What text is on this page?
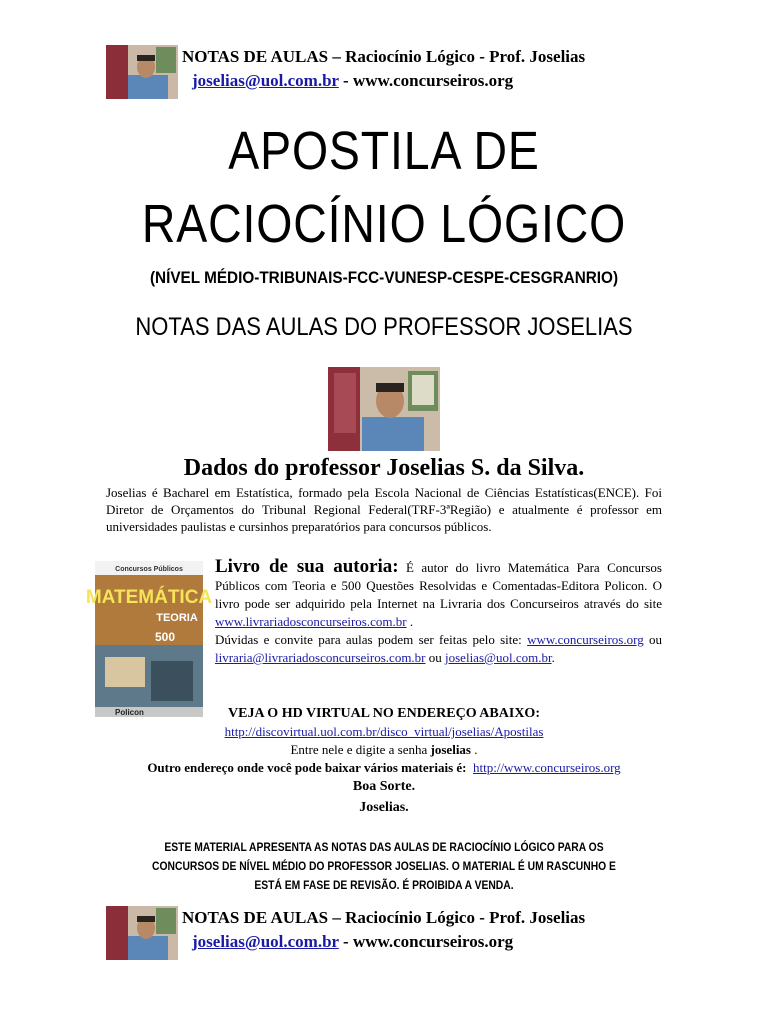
NOTAS DE AULAS – Raciocínio Lógico - Prof. Joselias
joselias@uol.com.br - www.concurseiros.org
APOSTILA DE
RACIOCÍNIO LÓGICO
(NÍVEL MÉDIO-TRIBUNAIS-FCC-VUNESP-CESPE-CESGRANRIO)
NOTAS DAS AULAS DO PROFESSOR JOSELIAS
Dados do professor Joselias S. da Silva.
Joselias é Bacharel em Estatística, formado pela Escola Nacional de Ciências Estatísticas(ENCE). Foi Diretor de Orçamentos do Tribunal Regional Federal(TRF-3ªRegião) e atualmente é professor em universidades paulistas e cursinhos preparatórios para concursos públicos.
Concursos Públicos
MATEMÁTICA
TEORIA
500
Policon
Livro de sua autoria: É autor do livro Matemática Para Concursos Públicos com Teoria e 500 Questões Resolvidas e Comentadas-Editora Policon. O livro pode ser adquirido pela Internet na Livraria dos Concurseiros através do site www.livrariadosconcurseiros.com.br .
Dúvidas e convite para aulas podem ser feitas pelo site: www.concurseiros.org ou livraria@livrariadosconcurseiros.com.br ou joselias@uol.com.br.
VEJA O HD VIRTUAL NO ENDEREÇO ABAIXO:
http://discovirtual.uol.com.br/disco_virtual/joselias/Apostilas
Entre nele e digite a senha joselias .
Outro endereço onde você pode baixar vários materiais é: http://www.concurseiros.org
Boa Sorte.
Joselias.
ESTE MATERIAL APRESENTA AS NOTAS DAS AULAS DE RACIOCÍNIO LÓGICO PARA OS
CONCURSOS DE NÍVEL MÉDIO DO PROFESSOR JOSELIAS. O MATERIAL É UM RASCUNHO E
ESTÁ EM FASE DE REVISÃO. É PROIBIDA A VENDA.
NOTAS DE AULAS – Raciocínio Lógico - Prof. Joselias
joselias@uol.com.br - www.concurseiros.org
